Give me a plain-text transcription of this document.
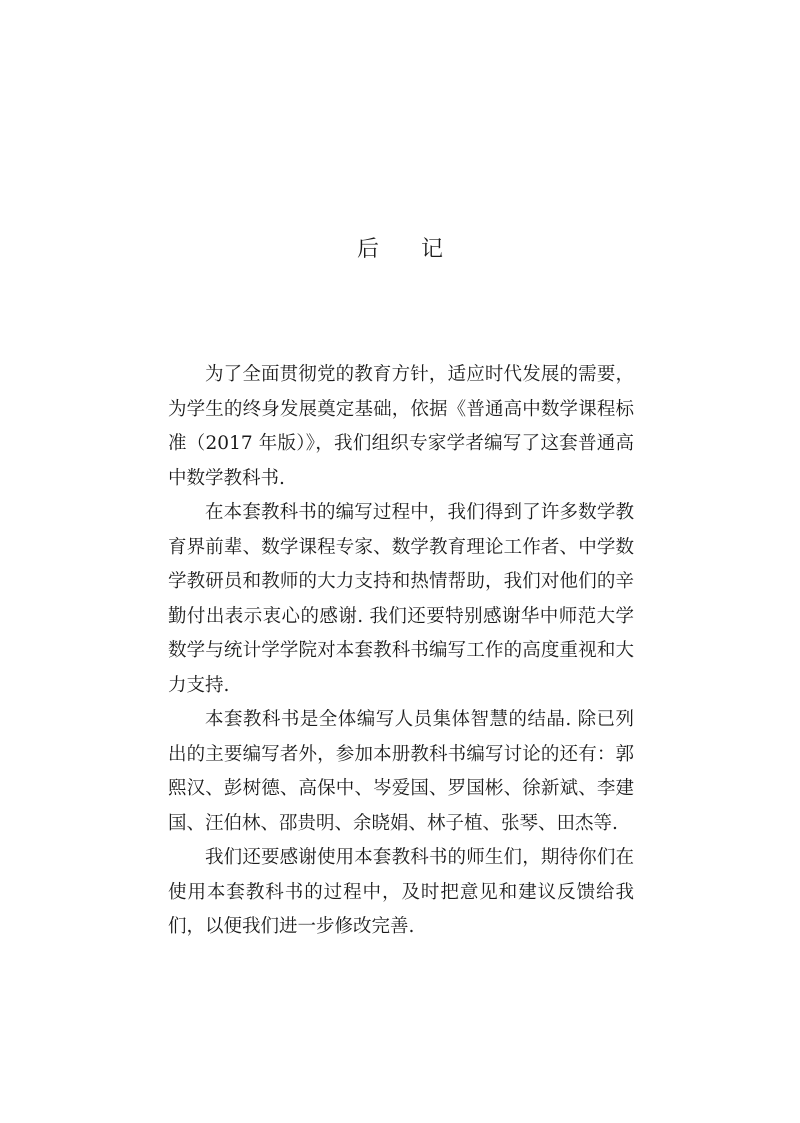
后 记

为了全面贯彻党的教育方针，适应时代发展的需要，为学生的终身发展奠定基础，依据《普通高中数学课程标准（2017 年版）》，我们组织专家学者编写了这套普通高中数学教科书.

在本套教科书的编写过程中，我们得到了许多数学教育界前辈、数学课程专家、数学教育理论工作者、中学数学教研员和教师的大力支持和热情帮助，我们对他们的辛勤付出表示衷心的感谢. 我们还要特别感谢华中师范大学数学与统计学学院对本套教科书编写工作的高度重视和大力支持.

本套教科书是全体编写人员集体智慧的结晶. 除已列出的主要编写者外，参加本册教科书编写讨论的还有：郭熙汉、彭树德、高保中、岑爱国、罗国彬、徐新斌、李建国、汪伯林、邵贵明、余晓娟、林子植、张琴、田杰等.

我们还要感谢使用本套教科书的师生们，期待你们在使用本套教科书的过程中，及时把意见和建议反馈给我们，以便我们进一步修改完善.
